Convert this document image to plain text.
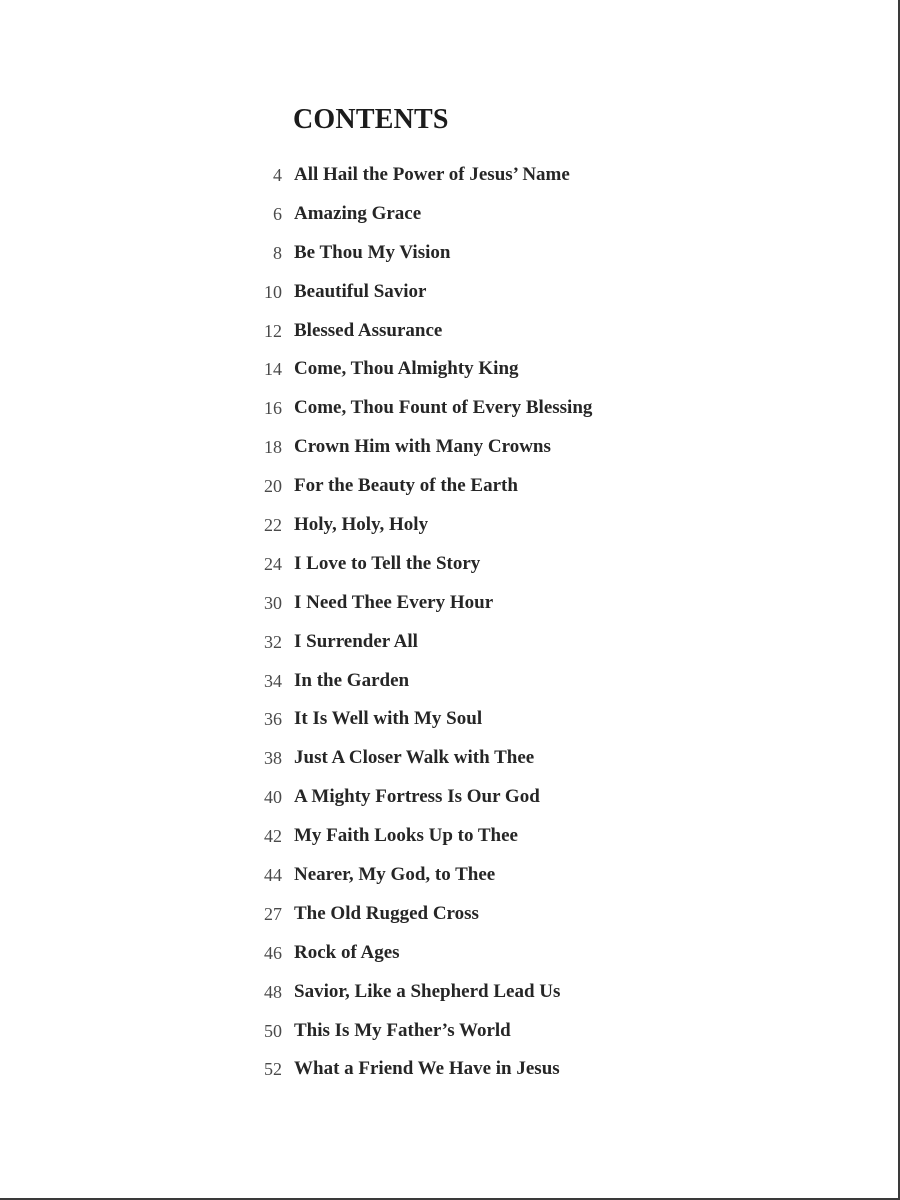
CONTENTS
4 All Hail the Power of Jesus’ Name
6 Amazing Grace
8 Be Thou My Vision
10 Beautiful Savior
12 Blessed Assurance
14 Come, Thou Almighty King
16 Come, Thou Fount of Every Blessing
18 Crown Him with Many Crowns
20 For the Beauty of the Earth
22 Holy, Holy, Holy
24 I Love to Tell the Story
30 I Need Thee Every Hour
32 I Surrender All
34 In the Garden
36 It Is Well with My Soul
38 Just A Closer Walk with Thee
40 A Mighty Fortress Is Our God
42 My Faith Looks Up to Thee
44 Nearer, My God, to Thee
27 The Old Rugged Cross
46 Rock of Ages
48 Savior, Like a Shepherd Lead Us
50 This Is My Father’s World
52 What a Friend We Have in Jesus
